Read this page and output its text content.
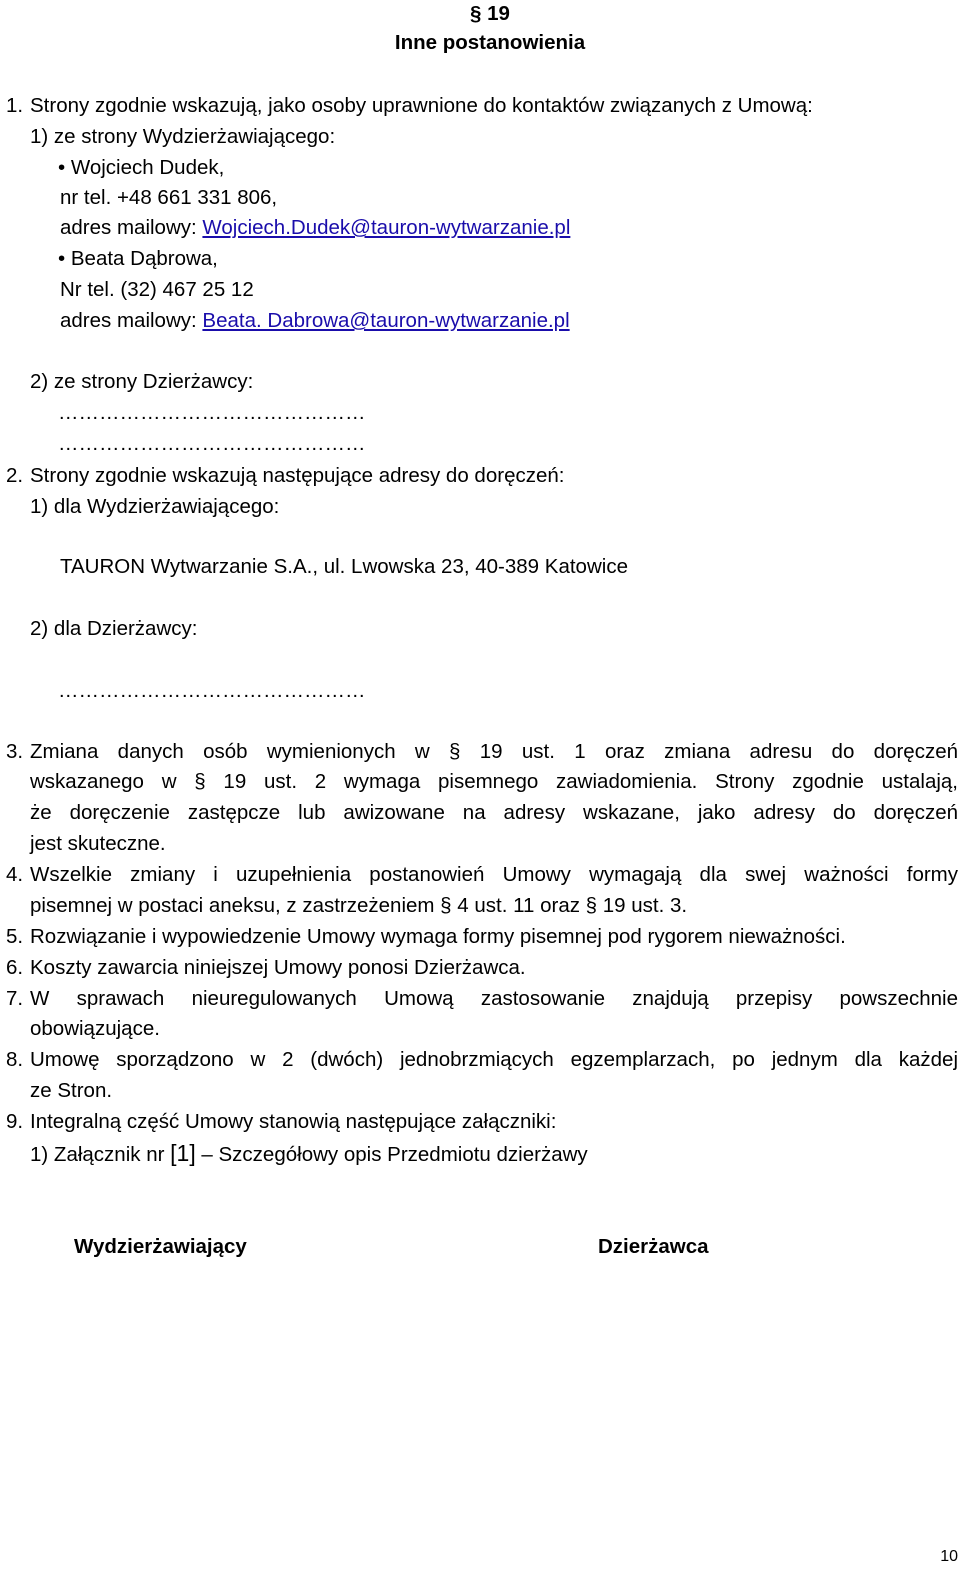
§ 19
Inne postanowienia
1. Strony zgodnie wskazują, jako osoby uprawnione do kontaktów związanych z Umową:
1) ze strony Wydzierżawiającego:
• Wojciech Dudek,
nr tel. +48 661 331 806,
adres mailowy: Wojciech.Dudek@tauron-wytwarzanie.pl
• Beata Dąbrowa,
Nr tel. (32) 467 25 12
adres mailowy: Beata. Dabrowa@tauron-wytwarzanie.pl
2) ze strony Dzierżawcy:
………………………………………
………………………………………
2. Strony zgodnie wskazują następujące adresy do doręczeń:
1) dla Wydzierżawiającego:
TAURON Wytwarzanie S.A., ul. Lwowska 23, 40-389 Katowice
2) dla Dzierżawcy:
………………………………………
3. Zmiana danych osób wymienionych w § 19 ust. 1 oraz zmiana adresu do doręczeń
wskazanego w § 19 ust. 2 wymaga pisemnego zawiadomienia. Strony zgodnie ustalają,
że doręczenie zastępcze lub awizowane na adresy wskazane, jako adresy do doręczeń
jest skuteczne.
4. Wszelkie zmiany i uzupełnienia postanowień Umowy wymagają dla swej ważności formy
pisemnej w postaci aneksu, z zastrzeżeniem § 4 ust. 11 oraz § 19 ust. 3.
5. Rozwiązanie i wypowiedzenie Umowy wymaga formy pisemnej pod rygorem nieważności.
6. Koszty zawarcia niniejszej Umowy ponosi Dzierżawca.
7. W sprawach nieuregulowanych Umową zastosowanie znajdują przepisy powszechnie
obowiązujące.
8. Umowę sporządzono w 2 (dwóch) jednobrzmiących egzemplarzach, po jednym dla każdej
ze Stron.
9. Integralną część Umowy stanowią następujące załączniki:
1) Załącznik nr [1] – Szczegółowy opis Przedmiotu dzierżawy
Wydzierżawiający	Dzierżawca
10
